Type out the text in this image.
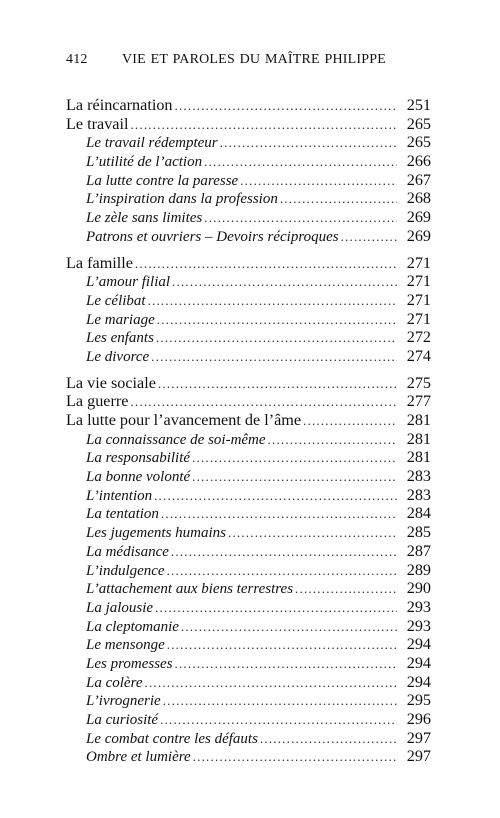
412 VIE ET PAROLES DU MAÎTRE PHILIPPE
La réincarnation .....	251
Le travail .....	265
Le travail rédempteur .....	265
L’utilité de l’action .....	266
La lutte contre la paresse .....	267
L’inspiration dans la profession .....	268
Le zèle sans limites .....	269
Patrons et ouvriers – Devoirs réciproques .....	269
La famille .....	271
L’amour filial .....	271
Le célibat .....	271
Le mariage .....	271
Les enfants .....	272
Le divorce .....	274
La vie sociale .....	275
La guerre .....	277
La lutte pour l’avancement de l’âme .....	281
La connaissance de soi-même .....	281
La responsabilité .....	281
La bonne volonté .....	283
L’intention .....	283
La tentation .....	284
Les jugements humains .....	285
La médisance .....	287
L’indulgence .....	289
L’attachement aux biens terrestres .....	290
La jalousie .....	293
La cleptomanie .....	293
Le mensonge .....	294
Les promesses .....	294
La colère .....	294
L’ivrognerie .....	295
La curiosité .....	296
Le combat contre les défauts .....	297
Ombre et lumière .....	297
